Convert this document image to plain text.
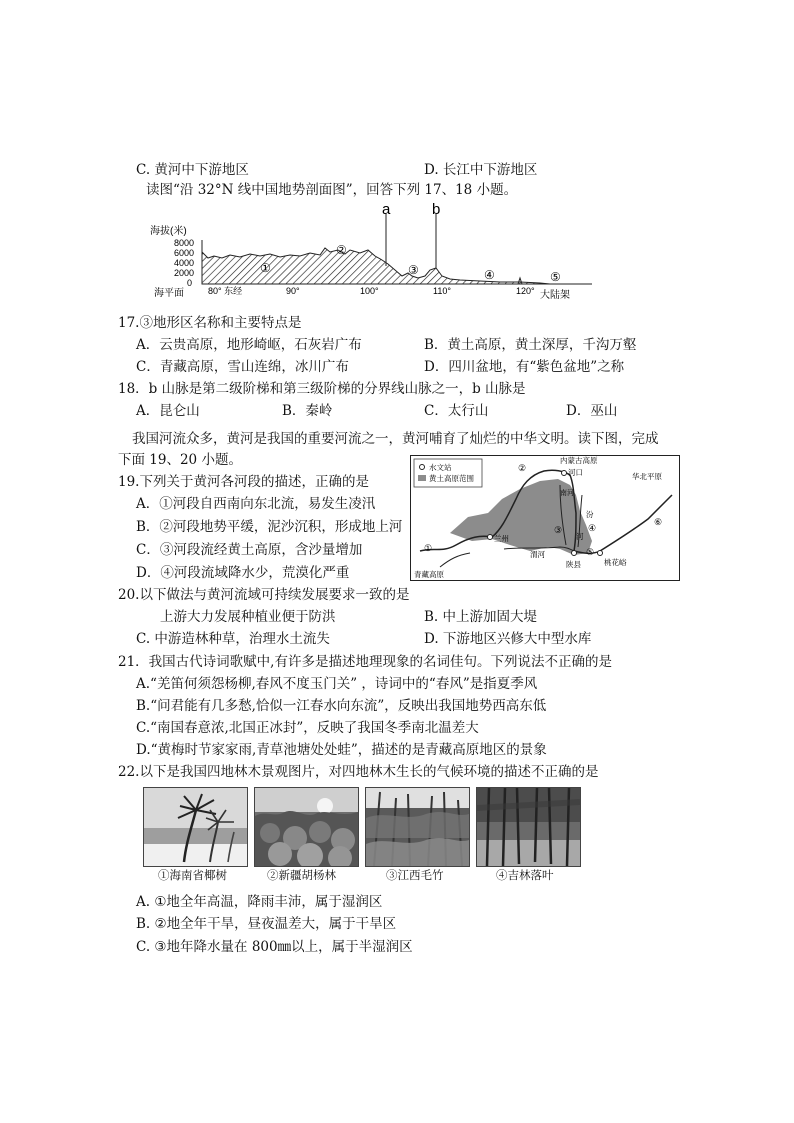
C. 黄河中下游地区	D. 长江中下游地区
读图“沿 32°N 线中国地势剖面图”，回答下列 17、18 小题。
海拔(米)
8000
6000
4000
2000
0
a	b
①
②
③	④	⑤
海平面	80° 东经	90°	100°	110°	120° 大陆架
17.③地形区名称和主要特点是
A．云贵高原，地形崎岖，石灰岩广布	B．黄土高原，黄土深厚，千沟万壑
C．青藏高原，雪山连绵，冰川广布	D．四川盆地，有“紫色盆地”之称
18．b 山脉是第二级阶梯和第三级阶梯的分界线山脉之一，b 山脉是
A．昆仑山	B．秦岭	C．太行山	D．巫山
我国河流众多，黄河是我国的重要河流之一，黄河哺育了灿烂的中华文明。读下图，完成
下面 19、20 小题。
19.下列关于黄河各河段的描述，正确的是
A．①河段自西南向东北流，易发生凌汛
B．②河段地势平缓，泥沙沉积，形成地上河
C．③河段流经黄土高原，含沙量增加
D．④河段流域降水少，荒漠化严重
水文站
黄土高原范围
内蒙古高原
河口	华北平原
兰州
渭河
陕县	桃花峪
青藏高原
南河
汾
河
①
②
③	④
⑤
⑥
20.以下做法与黄河流域可持续发展要求一致的是
上游大力发展种植业便于防洪	B. 中上游加固大堤
C. 中游造林种草，治理水土流失	D. 下游地区兴修大中型水库
21．我国古代诗词歌赋中,有许多是描述地理现象的名词佳句。下列说法不正确的是
A.“羌笛何须怨杨柳,春风不度玉门关” ，诗词中的“春风”是指夏季风
B.“问君能有几多愁,恰似一江春水向东流”，反映出我国地势西高东低
C.“南国春意浓,北国正冰封”，反映了我国冬季南北温差大
D.“黄梅时节家家雨,青草池塘处处蛙”，描述的是青藏高原地区的景象
22.以下是我国四地林木景观图片，对四地林木生长的气候环境的描述不正确的是
①海南省椰树	②新疆胡杨林	③江西毛竹	④吉林落叶
A. ①地全年高温，降雨丰沛，属于湿润区
B. ②地全年干旱，昼夜温差大，属于干旱区
C. ③地年降水量在 800㎜以上，属于半湿润区
